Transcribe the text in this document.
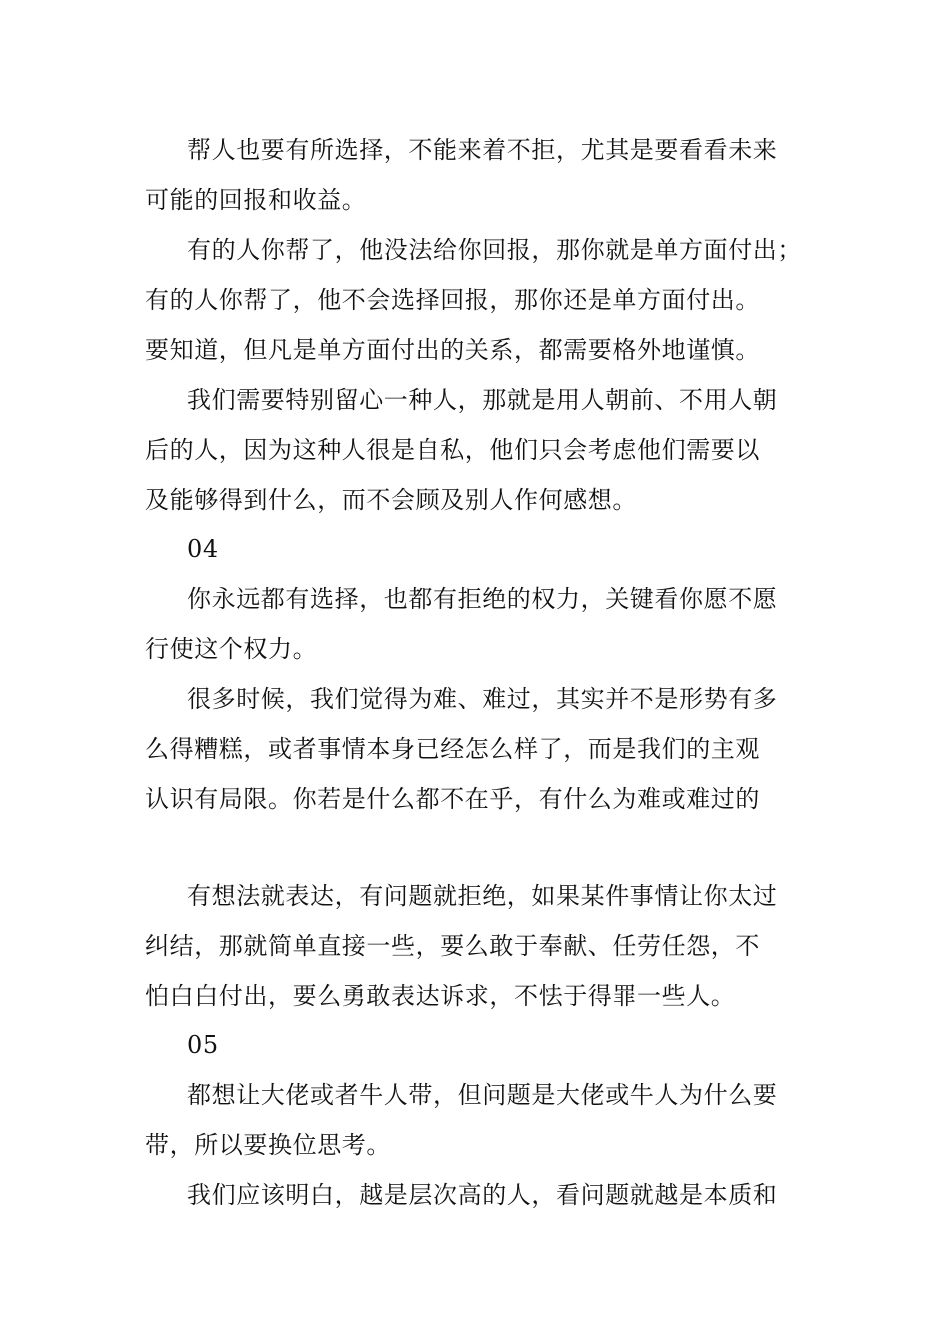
帮人也要有所选择，不能来着不拒，尤其是要看看未来
可能的回报和收益。
有的人你帮了，他没法给你回报，那你就是单方面付出；
有的人你帮了，他不会选择回报，那你还是单方面付出。
要知道，但凡是单方面付出的关系，都需要格外地谨慎。
我们需要特别留心一种人，那就是用人朝前、不用人朝
后的人，因为这种人很是自私，他们只会考虑他们需要以
及能够得到什么，而不会顾及别人作何感想。
04
你永远都有选择，也都有拒绝的权力，关键看你愿不愿
行使这个权力。
很多时候，我们觉得为难、难过，其实并不是形势有多
么得糟糕，或者事情本身已经怎么样了，而是我们的主观
认识有局限。你若是什么都不在乎，有什么为难或难过的
有想法就表达，有问题就拒绝，如果某件事情让你太过
纠结，那就简单直接一些，要么敢于奉献、任劳任怨，不
怕白白付出，要么勇敢表达诉求，不怯于得罪一些人。
05
都想让大佬或者牛人带，但问题是大佬或牛人为什么要
带，所以要换位思考。
我们应该明白，越是层次高的人，看问题就越是本质和
